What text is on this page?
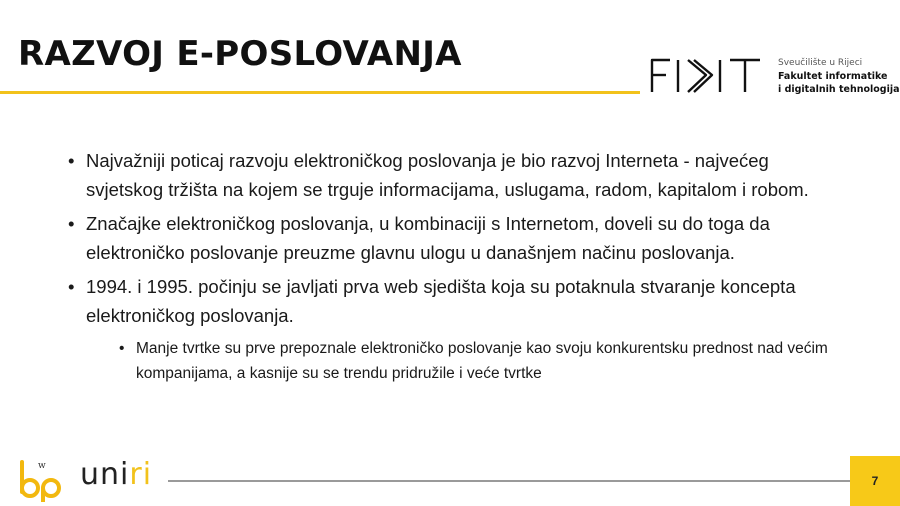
RAZVOJ E-POSLOVANJA	Sveučilište u Rijeci
Fakultet informatike
i digitalnih tehnologija
• Najvažniji poticaj razvoju elektroničkog poslovanja je bio razvoj Interneta - najvećeg svjetskog tržišta na kojem se trguje informacijama, uslugama, radom, kapitalom i robom.
• Značajke elektroničkog poslovanja, u kombinaciji s Internetom, doveli su do toga da elektroničko poslovanje preuzme glavnu ulogu u današnjem načinu poslovanja.
• 1994. i 1995. počinju se javljati prva web sjedišta koja su potaknula stvaranje koncepta elektroničkog poslovanja.
• Manje tvrtke su prve prepoznale elektroničko poslovanje kao svoju konkurentsku prednost nad većim kompanijama, a kasnije su se trendu pridružile i veće tvrtke
w uniri	7
